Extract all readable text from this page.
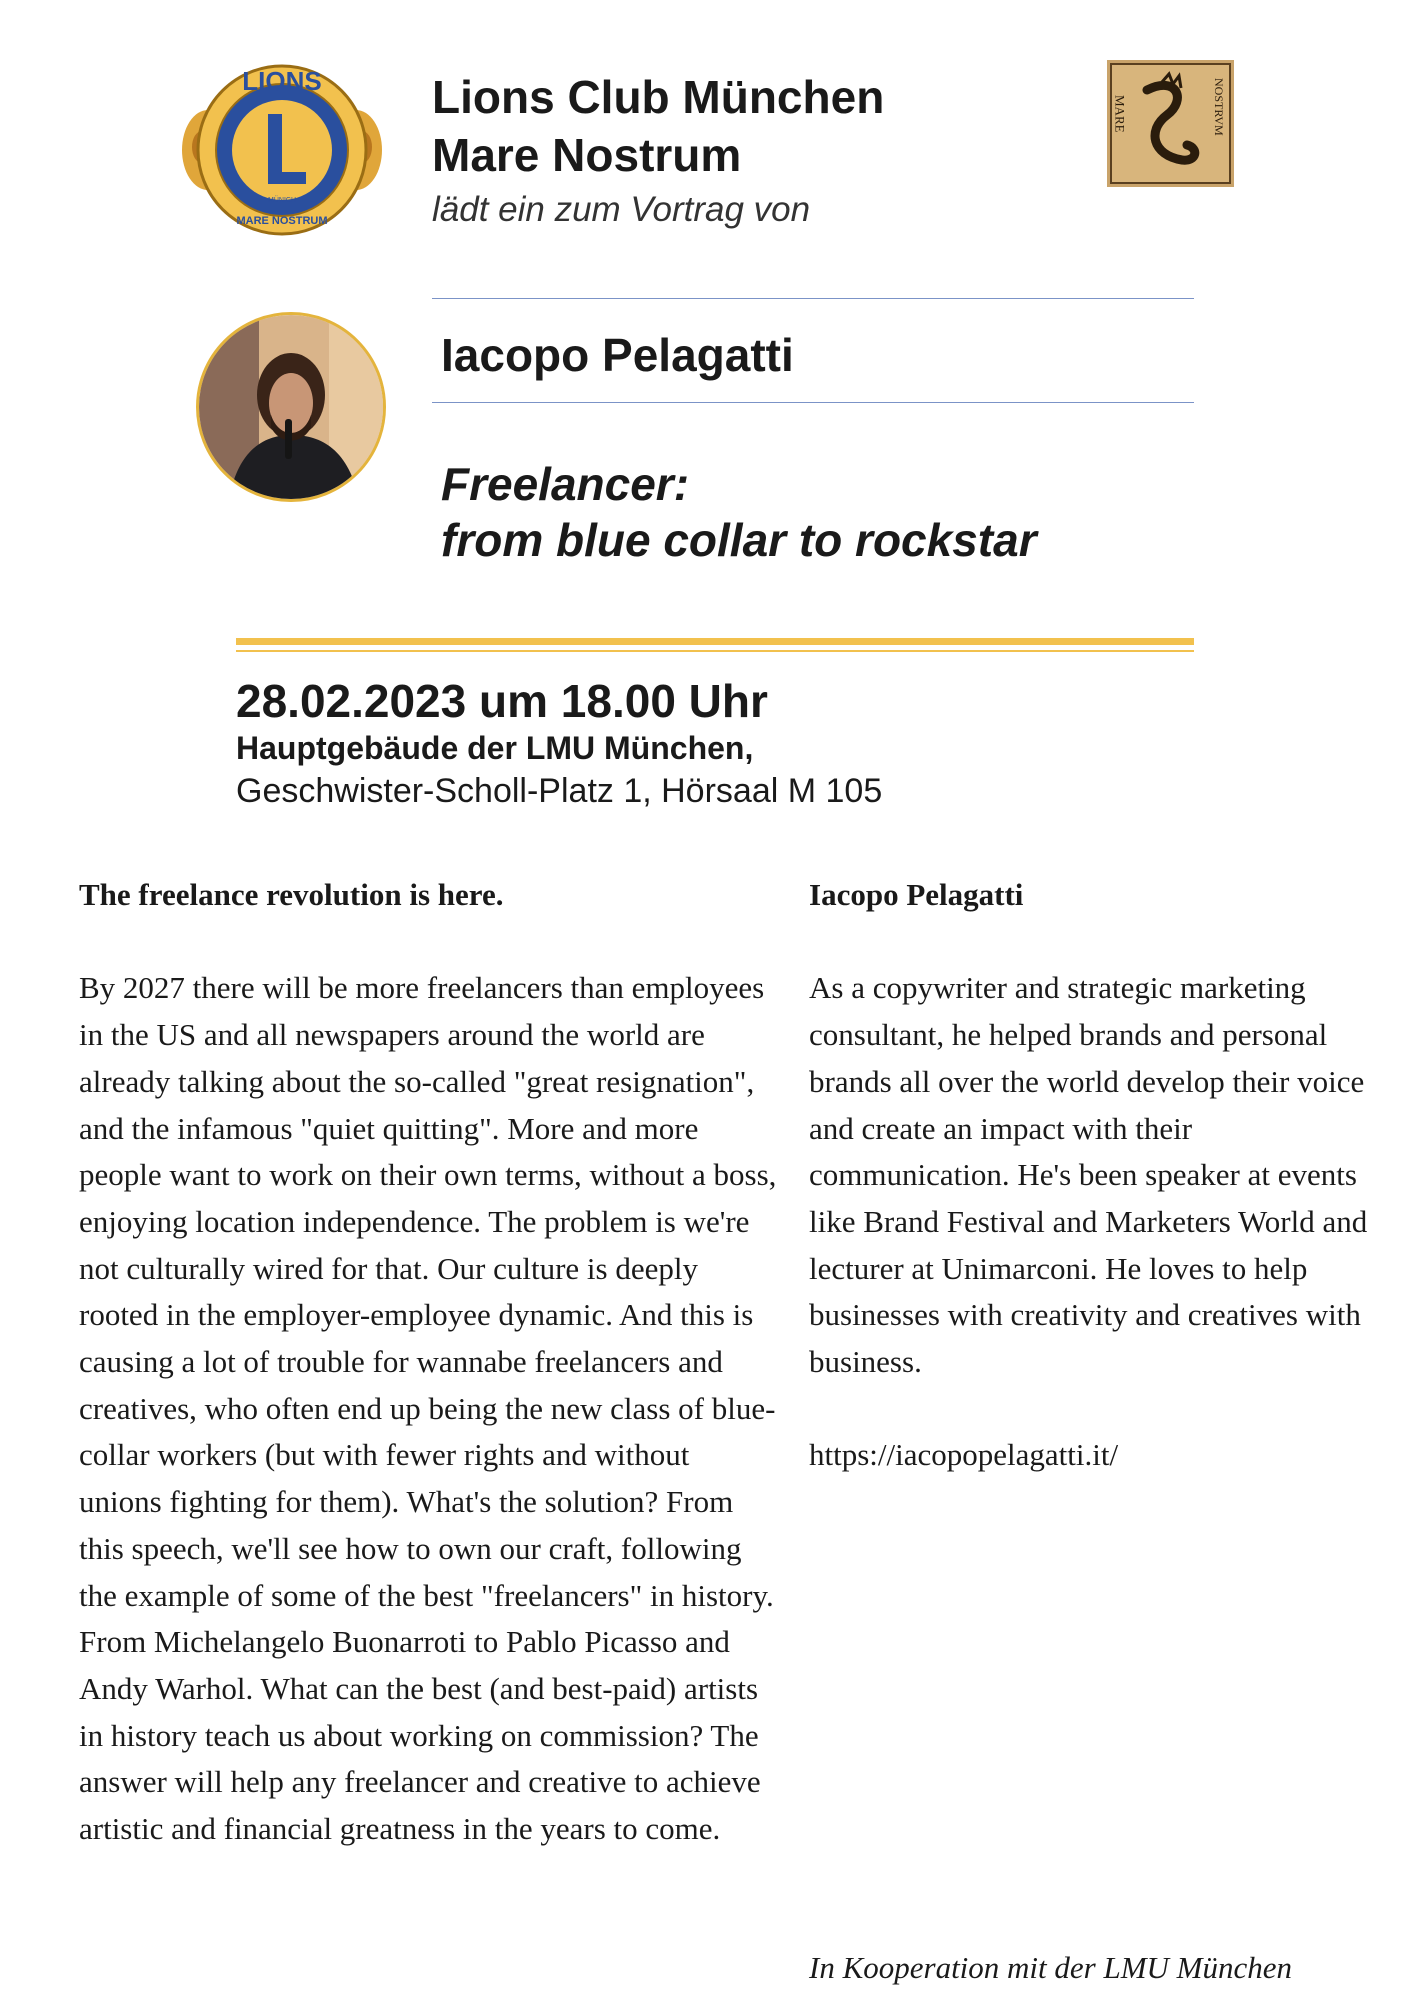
LIONS
MÜNICH
MARE NOSTRUM
Lions Club München
Mare Nostrum
lädt ein zum Vortrag von
MARE	NOSTRVM
Iacopo Pelagatti
Freelancer:
from blue collar to rockstar
28.02.2023 um 18.00 Uhr
Hauptgebäude der LMU München,
Geschwister-Scholl-Platz 1, Hörsaal M 105

The freelance revolution is here.

By 2027 there will be more freelancers than employees in the US and all newspapers around the world are already talking about the so-called "great resignation", and the infamous "quiet quitting". More and more people want to work on their own terms, without a boss, enjoying location independence. The problem is we're not culturally wired for that. Our culture is deeply rooted in the employer-employee dynamic. And this is causing a lot of trouble for wannabe freelancers and creatives, who often end up being the new class of blue-collar workers (but with fewer rights and without unions fighting for them). What's the solution? From this speech, we'll see how to own our craft, following the example of some of the best "freelancers" in history. From Michelangelo Buonarroti to Pablo Picasso and Andy Warhol. What can the best (and best-paid) artists in history teach us about working on commission? The answer will help any freelancer and creative to achieve artistic and financial greatness in the years to come.

Iacopo Pelagatti

As a copywriter and strategic marketing consultant, he helped brands and personal brands all over the world develop their voice and create an impact with their communication. He's been speaker at events like Brand Festival and Marketers World and lecturer at Unimarconi. He loves to help businesses with creativity and creatives with business.

https://iacopopelagatti.it/

In Kooperation mit der LMU München
